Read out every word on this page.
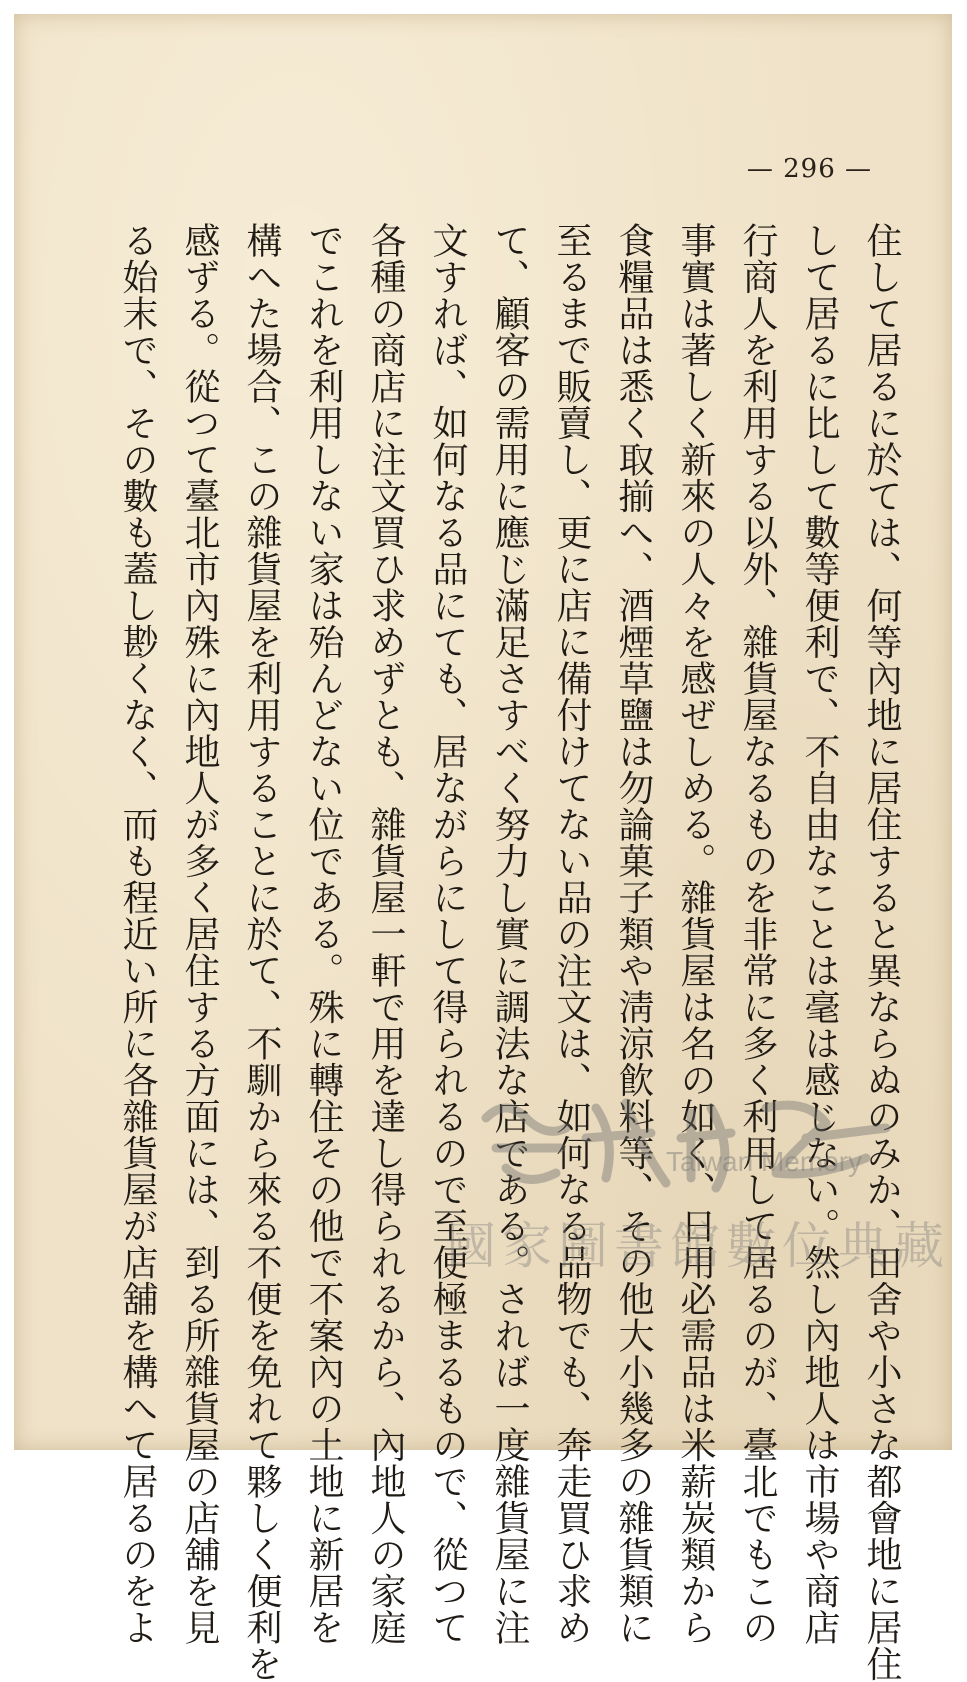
— 296 —
住して居るに於ては、何等內地に居住すると異ならぬのみか、田舍や小さな都會地に居住
して居るに比して數等便利で、不自由なことは毫は感じない。然し內地人は市場や商店
行商人を利用する以外、雜貨屋なるものを非常に多く利用して居るのが、臺北でもこの
事實は著しく新來の人々を感ぜしめる。雜貨屋は名の如く、日用必需品は米薪炭類から
食糧品は悉く取揃へ、酒煙草鹽は勿論菓子類や淸涼飮料等、その他大小幾多の雜貨類に
至るまで販賣し、更に店に備付けてない品の注文は、如何なる品物でも、奔走買ひ求め
て、顧客の需用に應じ滿足さすべく努力し實に調法な店である。されば一度雜貨屋に注
文すれば、如何なる品にても、居ながらにして得られるので至便極まるもので、從つて
各種の商店に注文買ひ求めずとも、雜貨屋一軒で用を達し得られるから、內地人の家庭
でこれを利用しない家は殆んどない位である。殊に轉住その他で不案內の土地に新居を
構へた場合、この雜貨屋を利用することに於て、不馴から來る不便を免れて夥しく便利を
感ずる。從つて臺北市內殊に內地人が多く居住する方面には、到る所雜貨屋の店舖を見
る始末で、その數も蓋し尠くなく、而も程近い所に各雜貨屋が店舖を構へて居るのをよ	Taiwan Memory
國家圖書館數位典藏
